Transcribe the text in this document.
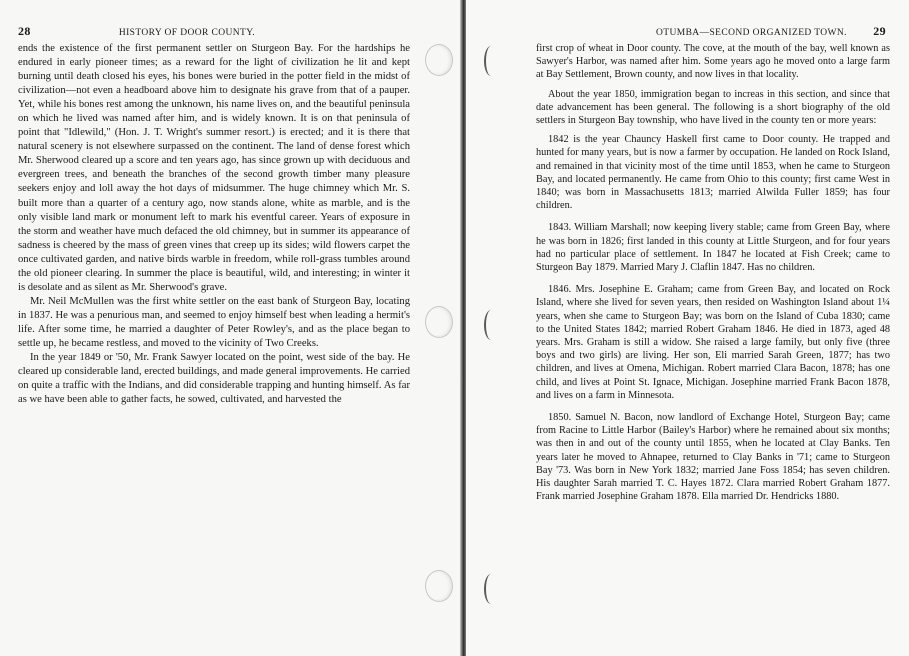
28	HISTORY OF DOOR COUNTY.

ends the existence of the first permanent settler on Sturgeon Bay. For the hardships he endured in early pioneer times; as a reward for the light of civilization he lit and kept burning until death closed his eyes, his bones were buried in the potter field in the midst of civilization—not even a headboard above him to designate his grave from that of a pauper. Yet, while his bones rest among the unknown, his name lives on, and the beautiful peninsula on which he lived was named after him, and is widely known. It is on that peninsula of point that "Idlewild," (Hon. J. T. Wright's summer resort.) is erected; and it is there that natural scenery is not elsewhere surpassed on the continent. The land of dense forest which Mr. Sherwood cleared up a score and ten years ago, has since grown up with deciduous and evergreen trees, and beneath the branches of the second growth timber many pleasure seekers enjoy and loll away the hot days of midsummer. The huge chimney which Mr. S. built more than a quarter of a century ago, now stands alone, white as marble, and is the only visible land mark or monument left to mark his eventful career. Years of exposure in the storm and weather have much defaced the old chimney, but in summer its appearance of sadness is cheered by the mass of green vines that creep up its sides; wild flowers carpet the once cultivated garden, and native birds warble in freedom, while roll-grass tumbles around the old pioneer clearing. In summer the place is beautiful, wild, and interesting; in winter it is desolate and as silent as Mr. Sherwood's grave.

Mr. Neil McMullen was the first white settler on the east bank of Sturgeon Bay, locating in 1837. He was a penurious man, and seemed to enjoy himself best when leading a hermit's life. After some time, he married a daughter of Peter Rowley's, and as the place began to settle up, he became restless, and moved to the vicinity of Two Creeks.

In the year 1849 or '50, Mr. Frank Sawyer located on the point, west side of the bay. He cleared up considerable land, erected buildings, and made general improvements. He carried on quite a traffic with the Indians, and did considerable trapping and hunting himself. As far as we have been able to gather facts, he sowed, cultivated, and harvested the

OTUMBA—SECOND ORGANIZED TOWN. 29

first crop of wheat in Door county. The cove, at the mouth of the bay, well known as Sawyer's Harbor, was named after him. Some years ago he moved onto a large farm at Bay Settlement, Brown county, and now lives in that locality.

About the year 1850, immigration began to increas in this section, and since that date advancement has been general. The following is a short biography of the old settlers in Sturgeon Bay township, who have lived in the county ten or more years:

1842 is the year Chauncy Haskell first came to Door county. He trapped and hunted for many years, but is now a farmer by occupation. He landed on Rock Island, and remained in that vicinity most of the time until 1853, when he came to Sturgeon Bay, and located permanently. He came from Ohio to this county; first came West in 1840; was born in Massachusetts 1813; married Alwilda Fuller 1859; has four children.

1843. William Marshall; now keeping livery stable; came from Green Bay, where he was born in 1826; first landed in this county at Little Sturgeon, and for four years had no particular place of settlement. In 1847 he located at Fish Creek; came to Sturgeon Bay 1879. Married Mary J. Claflin 1847. Has no children.

1846. Mrs. Josephine E. Graham; came from Green Bay, and located on Rock Island, where she lived for seven years, then resided on Washington Island about 1¼ years, when she came to Sturgeon Bay; was born on the Island of Cuba 1830; came to the United States 1842; married Robert Graham 1846. He died in 1873, aged 48 years. Mrs. Graham is still a widow. She raised a large family, but only five (three boys and two girls) are living. Her son, Eli married Sarah Green, 1877; has two children, and lives at Omena, Michigan. Robert married Clara Bacon, 1878; has one child, and lives at Point St. Ignace, Michigan. Josephine married Frank Bacon 1878, and lives on a farm in Minnesota.

1850. Samuel N. Bacon, now landlord of Exchange Hotel, Sturgeon Bay; came from Racine to Little Harbor (Bailey's Harbor) where he remained about six months; was then in and out of the county until 1855, when he located at Clay Banks. Ten years later he moved to Ahnapee, returned to Clay Banks in '71; came to Sturgeon Bay '73. Was born in New York 1832; married Jane Foss 1854; has seven children. His daughter Sarah married T. C. Hayes 1872. Clara married Robert Graham 1877. Frank married Josephine Graham 1878. Ella married Dr. Hendricks 1880.
